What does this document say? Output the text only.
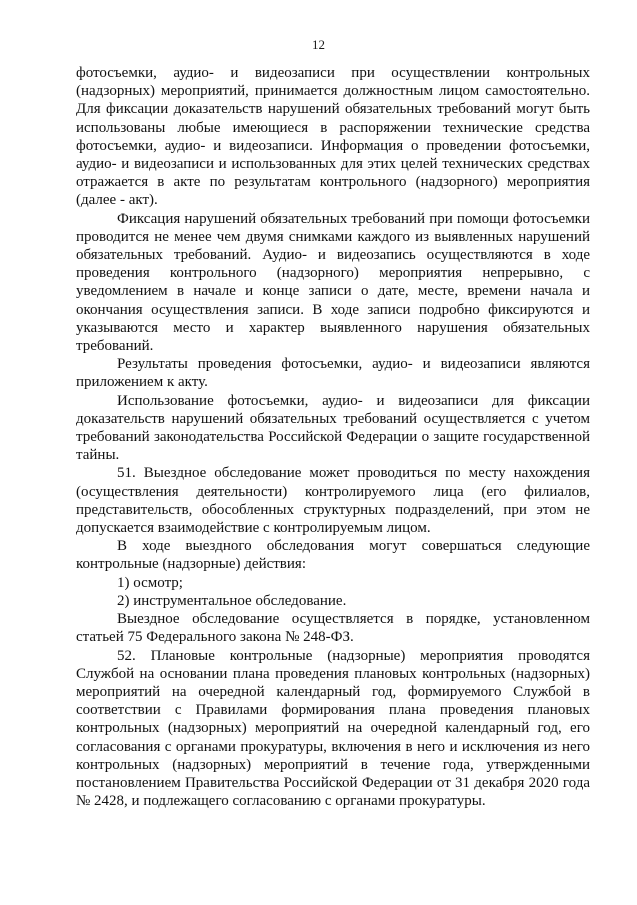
12

фотосъемки, аудио- и видеозаписи при осуществлении контрольных (надзорных) мероприятий, принимается должностным лицом самостоятельно. Для фиксации доказательств нарушений обязательных требований могут быть использованы любые имеющиеся в распоряжении технические средства фотосъемки, аудио- и видеозаписи. Информация о проведении фотосъемки, аудио- и видеозаписи и использованных для этих целей технических средствах отражается в акте по результатам контрольного (надзорного) мероприятия (далее - акт).

Фиксация нарушений обязательных требований при помощи фотосъемки проводится не менее чем двумя снимками каждого из выявленных нарушений обязательных требований. Аудио- и видеозапись осуществляются в ходе проведения контрольного (надзорного) мероприятия непрерывно, с уведомлением в начале и конце записи о дате, месте, времени начала и окончания осуществления записи. В ходе записи подробно фиксируются и указываются место и характер выявленного нарушения обязательных требований.

Результаты проведения фотосъемки, аудио- и видеозаписи являются приложением к акту.

Использование фотосъемки, аудио- и видеозаписи для фиксации доказательств нарушений обязательных требований осуществляется с учетом требований законодательства Российской Федерации о защите государственной тайны.

51. Выездное обследование может проводиться по месту нахождения (осуществления деятельности) контролируемого лица (его филиалов, представительств, обособленных структурных подразделений, при этом не допускается взаимодействие с контролируемым лицом.

В ходе выездного обследования могут совершаться следующие контрольные (надзорные) действия:

1) осмотр;

2) инструментальное обследование.

Выездное обследование осуществляется в порядке, установленном статьей 75 Федерального закона № 248-ФЗ.

52. Плановые контрольные (надзорные) мероприятия проводятся Службой на основании плана проведения плановых контрольных (надзорных) мероприятий на очередной календарный год, формируемого Службой в соответствии с Правилами формирования плана проведения плановых контрольных (надзорных) мероприятий на очередной календарный год, его согласования с органами прокуратуры, включения в него и исключения из него контрольных (надзорных) мероприятий в течение года, утвержденными постановлением Правительства Российской Федерации от 31 декабря 2020 года № 2428, и подлежащего согласованию с органами прокуратуры.
